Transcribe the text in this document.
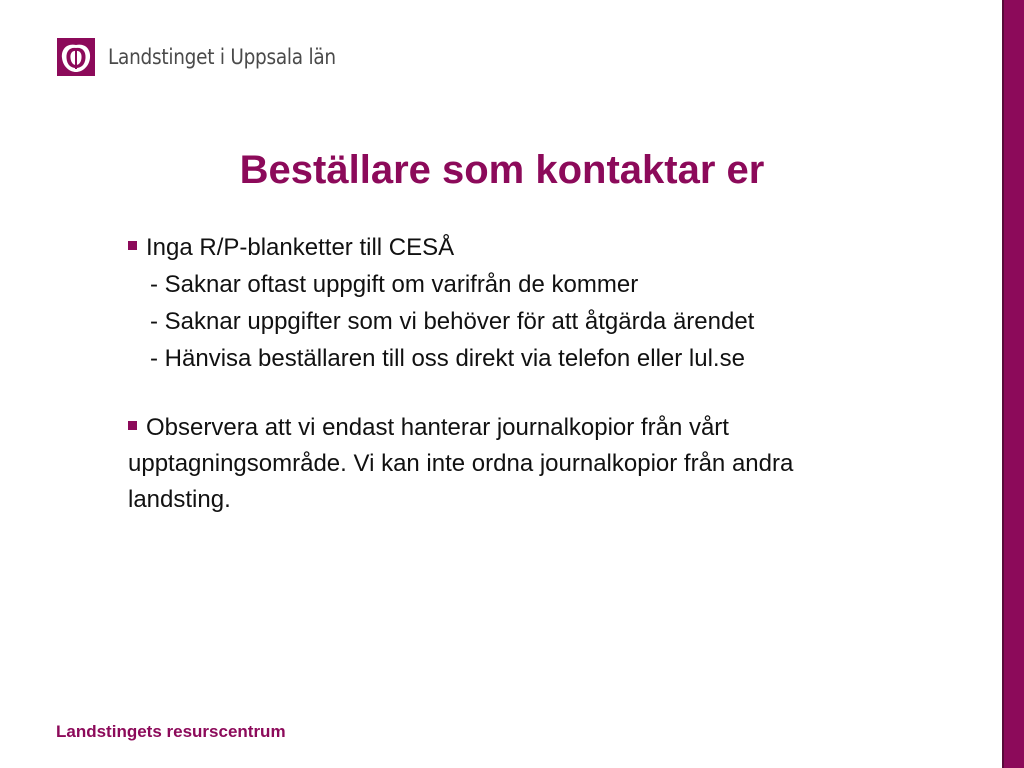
Landstinget i Uppsala län
Beställare som kontaktar er
Inga R/P-blanketter till CESÅ
- Saknar oftast uppgift om varifrån de kommer
- Saknar uppgifter som vi behöver för att åtgärda ärendet
- Hänvisa beställaren till oss direkt via telefon eller lul.se
Observera att vi endast hanterar journalkopior från vårt upptagningsområde. Vi kan inte ordna journalkopior från andra landsting.
Landstingets resurscentrum
